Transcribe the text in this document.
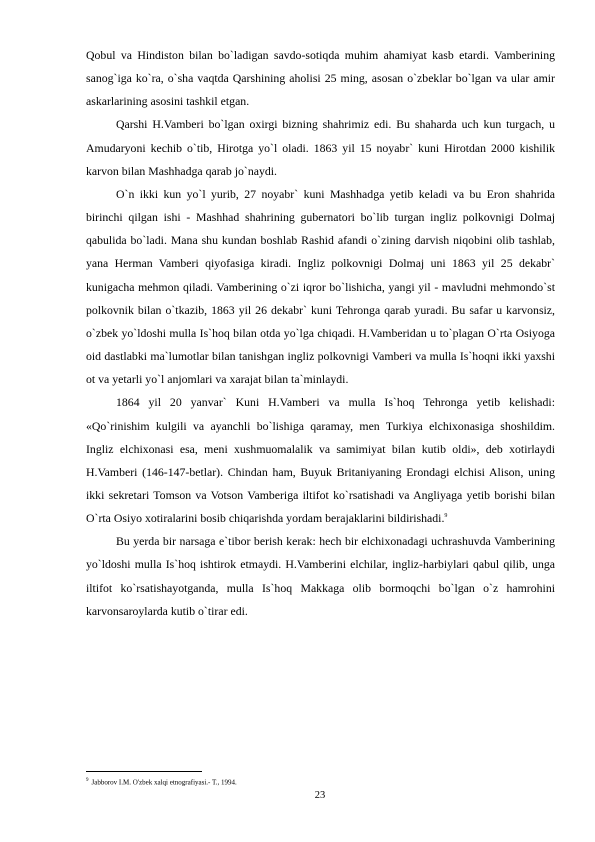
Qobul va Hindiston bilan bo`ladigan savdo-sotiqda muhim ahamiyat kasb etardi. Vamberining sanog`iga ko`ra, o`sha vaqtda Qarshining aholisi 25 ming, asosan o`zbeklar bo`lgan va ular amir askarlarining asosini tashkil etgan.

Qarshi H.Vamberi bo`lgan oxirgi bizning shahrimiz edi. Bu shaharda uch kun turgach, u Amudaryoni kechib o`tib, Hirotga yo`l oladi. 1863 yil 15 noyabr` kuni Hirotdan 2000 kishilik karvon bilan Mashhadga qarab jo`naydi.

O`n ikki kun yo`l yurib, 27 noyabr` kuni Mashhadga yetib keladi va bu Eron shahrida birinchi qilgan ishi - Mashhad shahrining gubernatori bo`lib turgan ingliz polkovnigi Dolmaj qabulida bo`ladi. Mana shu kundan boshlab Rashid afandi o`zining darvish niqobini olib tashlab, yana Herman Vamberi qiyofasiga kiradi. Ingliz polkovnigi Dolmaj uni 1863 yil 25 dekabr` kunigacha mehmon qiladi. Vamberining o`zi iqror bo`lishicha, yangi yil - mavludni mehmondo`st polkovnik bilan o`tkazib, 1863 yil 26 dekabr` kuni Tehronga qarab yuradi. Bu safar u karvonsiz, o`zbek yo`ldoshi mulla Is`hoq bilan otda yo`lga chiqadi. H.Vamberidan u to`plagan O`rta Osiyoga oid dastlabki ma`lumotlar bilan tanishgan ingliz polkovnigi Vamberi va mulla Is`hoqni ikki yaxshi ot va yetarli yo`l anjomlari va xarajat bilan ta`minlaydi.

1864 yil 20 yanvar` Kuni H.Vamberi va mulla Is`hoq Tehronga yetib kelishadi: «Qo`rinishim kulgili va ayanchli bo`lishiga qaramay, men Turkiya elchixonasiga shoshildim. Ingliz elchixonasi esa, meni xushmuomalalik va samimiyat bilan kutib oldi», deb xotirlaydi H.Vamberi (146-147-betlar). Chindan ham, Buyuk Britaniyaning Erondagi elchisi Alison, uning ikki sekretari Tomson va Votson Vamberiga iltifot ko`rsatishadi va Angliyaga yetib borishi bilan O`rta Osiyo xotiralarini bosib chiqarishda yordam berajaklarini bildirishadi.$^9$

Bu yerda bir narsaga e`tibor berish kerak: hech bir elchixonadagi uchrashuvda Vamberining yo`ldoshi mulla Is`hoq ishtirok etmaydi. H.Vamberini elchilar, ingliz-harbiylari qabul qilib, unga iltifot ko`rsatishayotganda, mulla Is`hoq Makkaga olib bormoqchi bo`lgan o`z hamrohini karvonsaroylarda kutib o`tirar edi.

$^9$ Jabborov I.M. O'zbek xalqi etnografiyasi.- T., 1994.
23
